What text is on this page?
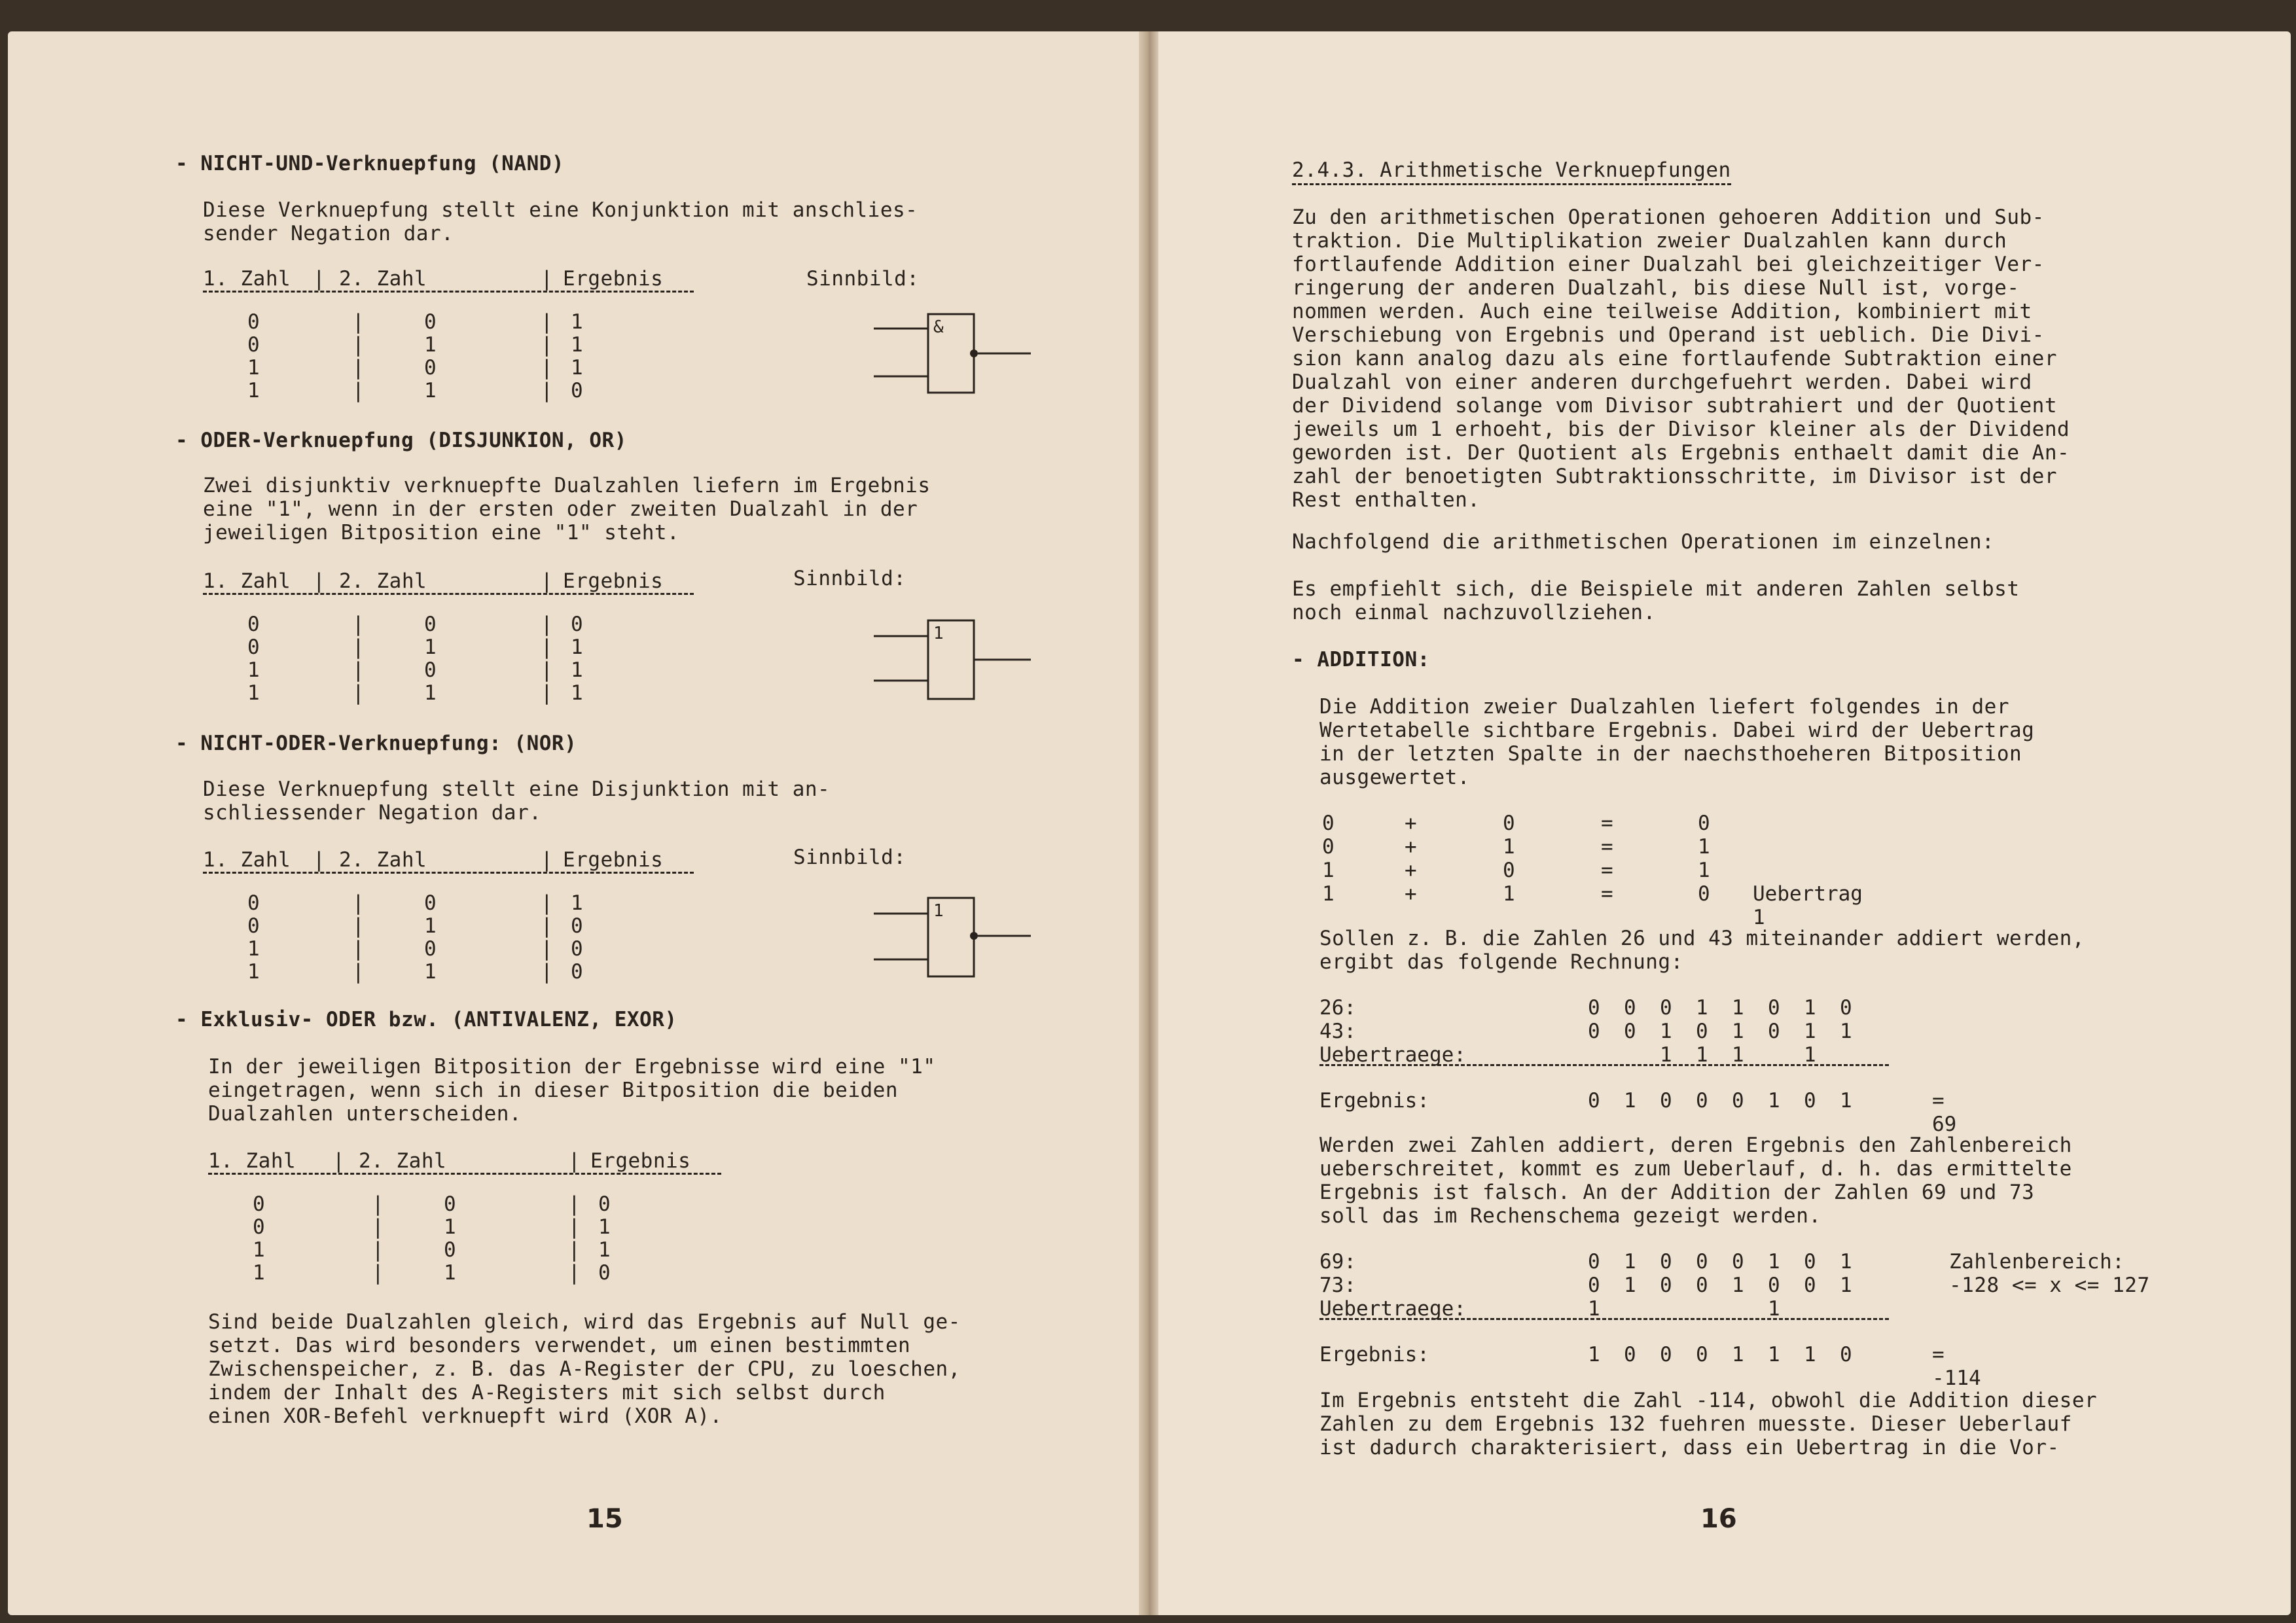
- NICHT-UND-Verknuepfung (NAND)
Diese Verknuepfung stellt eine Konjunktion mit anschlies-
sender Negation dar.
Sinnbild:
1. Zahl | 2. Zahl	| Ergebnis
0	|	0	| 1
0	|	1	| 1
1	|	0	| 1
1	|	1	| 0
&
- ODER-Verknuepfung (DISJUNKION, OR)
Zwei disjunktiv verknuepfte Dualzahlen liefern im Ergebnis
eine "1", wenn in der ersten oder zweiten Dualzahl in der
jeweiligen Bitposition eine "1" steht.
Sinnbild:
1. Zahl | 2. Zahl	| Ergebnis
0	|	0	| 0
0	|	1	| 1
1	|	0	| 1
1	|	1	| 1
1
- NICHT-ODER-Verknuepfung: (NOR)
Diese Verknuepfung stellt eine Disjunktion mit an-
schliessender Negation dar.
Sinnbild:
1. Zahl | 2. Zahl	| Ergebnis
0	|	0	| 1
0	|	1	| 0
1	|	0	| 0
1	|	1	| 0
1
- Exklusiv- ODER bzw. (ANTIVALENZ, EXOR)
In der jeweiligen Bitposition der Ergebnisse wird eine "1"
eingetragen, wenn sich in dieser Bitposition die beiden
Dualzahlen unterscheiden.
1. Zahl | 2. Zahl	| Ergebnis
0	|	0	| 0
0	|	1	| 1
1	|	0	| 1
1	|	1	| 0
Sind beide Dualzahlen gleich, wird das Ergebnis auf Null ge-
setzt. Das wird besonders verwendet, um einen bestimmten
Zwischenspeicher, z. B. das A-Register der CPU, zu loeschen,
indem der Inhalt des A-Registers mit sich selbst durch
einen XOR-Befehl verknuepft wird (XOR A).
15
2.4.3. Arithmetische Verknuepfungen
Zu den arithmetischen Operationen gehoeren Addition und Sub-
traktion. Die Multiplikation zweier Dualzahlen kann durch
fortlaufende Addition einer Dualzahl bei gleichzeitiger Ver-
ringerung der anderen Dualzahl, bis diese Null ist, vorge-
nommen werden. Auch eine teilweise Addition, kombiniert mit
Verschiebung von Ergebnis und Operand ist ueblich. Die Divi-
sion kann analog dazu als eine fortlaufende Subtraktion einer
Dualzahl von einer anderen durchgefuehrt werden. Dabei wird
der Dividend solange vom Divisor subtrahiert und der Quotient
jeweils um 1 erhoeht, bis der Divisor kleiner als der Dividend
geworden ist. Der Quotient als Ergebnis enthaelt damit die An-
zahl der benoetigten Subtraktionsschritte, im Divisor ist der
Rest enthalten.
Nachfolgend die arithmetischen Operationen im einzelnen:
Es empfiehlt sich, die Beispiele mit anderen Zahlen selbst
noch einmal nachzuvollziehen.
- ADDITION:
Die Addition zweier Dualzahlen liefert folgendes in der
Wertetabelle sichtbare Ergebnis. Dabei wird der Uebertrag
in der letzten Spalte in der naechsthoeheren Bitposition
ausgewertet.
0	+	0	=	0
0	+	1	=	1
1	+	0	=	1
1	+	1	=	0 Uebertrag 1
Sollen z. B. die Zahlen 26 und 43 miteinander addiert werden,
ergibt das folgende Rechnung:
26:	0 0 0 1 1 0 1 0
43:	0 0 1 0 1 0 1 1
Uebertraege:	1 1 1	1
Ergebnis:	0 1 0 0 0 1 0 1	= 69
Werden zwei Zahlen addiert, deren Ergebnis den Zahlenbereich
ueberschreitet, kommt es zum Ueberlauf, d. h. das ermittelte
Ergebnis ist falsch. An der Addition der Zahlen 69 und 73
soll das im Rechenschema gezeigt werden.
69:	0 1 0 0 0 1 0 1
73:	0 1 0 0 1 0 0 1
Uebertraege:	1	1
Ergebnis:	1 0 0 0 1 1 1 0	= -114
Zahlenbereich:
-128 <= x <= 127
Im Ergebnis entsteht die Zahl -114, obwohl die Addition dieser
Zahlen zu dem Ergebnis 132 fuehren muesste. Dieser Ueberlauf
ist dadurch charakterisiert, dass ein Uebertrag in die Vor-
16
